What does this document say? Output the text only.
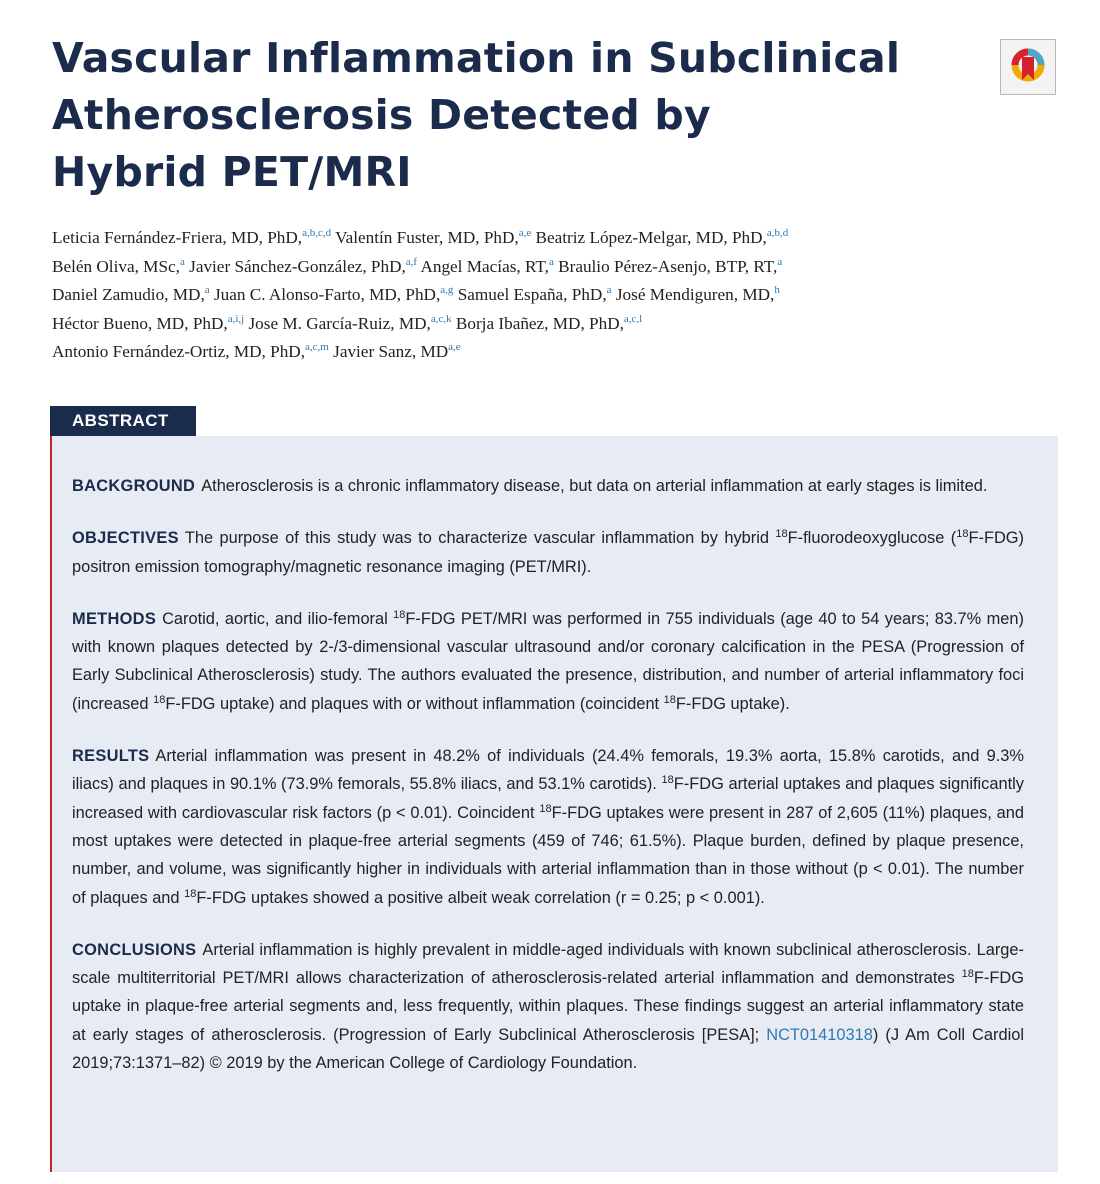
Vascular Inflammation in Subclinical
Atherosclerosis Detected by
Hybrid PET/MRI
Leticia Fernández-Friera, MD, PhD,$^{a,b,c,d}$ Valentín Fuster, MD, PhD,$^{a,e}$ Beatriz López-Melgar, MD, PhD,$^{a,b,d}$
Belén Oliva, MSc,$^a$ Javier Sánchez-González, PhD,$^{a,f}$ Angel Macías, RT,$^a$ Braulio Pérez-Asenjo, BTP, RT,$^a$
Daniel Zamudio, MD,$^a$ Juan C. Alonso-Farto, MD, PhD,$^{a,g}$ Samuel España, PhD,$^a$ José Mendiguren, MD,$^h$
Héctor Bueno, MD, PhD,$^{a,i,j}$ Jose M. García-Ruiz, MD,$^{a,c,k}$ Borja Ibañez, MD, PhD,$^{a,c,l}$
Antonio Fernández-Ortiz, MD, PhD,$^{a,c,m}$ Javier Sanz, MD$^{a,e}$

BACKGROUND Atherosclerosis is a chronic inflammatory disease, but data on arterial inflammation at early stages is limited.

OBJECTIVES The purpose of this study was to characterize vascular inflammation by hybrid $^{18}$F-fluorodeoxyglucose ($^{18}$F-FDG) positron emission tomography/magnetic resonance imaging (PET/MRI).

METHODS Carotid, aortic, and ilio-femoral $^{18}$F-FDG PET/MRI was performed in 755 individuals (age 40 to 54 years; 83.7% men) with known plaques detected by 2-/3-dimensional vascular ultrasound and/or coronary calcification in the PESA (Progression of Early Subclinical Atherosclerosis) study. The authors evaluated the presence, distribution, and number of arterial inflammatory foci (increased $^{18}$F-FDG uptake) and plaques with or without inflammation (coincident $^{18}$F-FDG uptake).

RESULTS Arterial inflammation was present in 48.2% of individuals (24.4% femorals, 19.3% aorta, 15.8% carotids, and 9.3% iliacs) and plaques in 90.1% (73.9% femorals, 55.8% iliacs, and 53.1% carotids). $^{18}$F-FDG arterial uptakes and plaques significantly increased with cardiovascular risk factors (p < 0.01). Coincident $^{18}$F-FDG uptakes were present in 287 of 2,605 (11%) plaques, and most uptakes were detected in plaque-free arterial segments (459 of 746; 61.5%). Plaque burden, defined by plaque presence, number, and volume, was significantly higher in individuals with arterial inflammation than in those without (p < 0.01). The number of plaques and $^{18}$F-FDG uptakes showed a positive albeit weak correlation (r = 0.25; p < 0.001).

CONCLUSIONS Arterial inflammation is highly prevalent in middle-aged individuals with known subclinical atherosclerosis. Large-scale multiterritorial PET/MRI allows characterization of atherosclerosis-related arterial inflammation and demonstrates $^{18}$F-FDG uptake in plaque-free arterial segments and, less frequently, within plaques. These findings suggest an arterial inflammatory state at early stages of atherosclerosis. (Progression of Early Subclinical Atherosclerosis [PESA]; NCT01410318) (J Am Coll Cardiol 2019;73:1371–82) © 2019 by the American College of Cardiology Foundation.

ABSTRACT
